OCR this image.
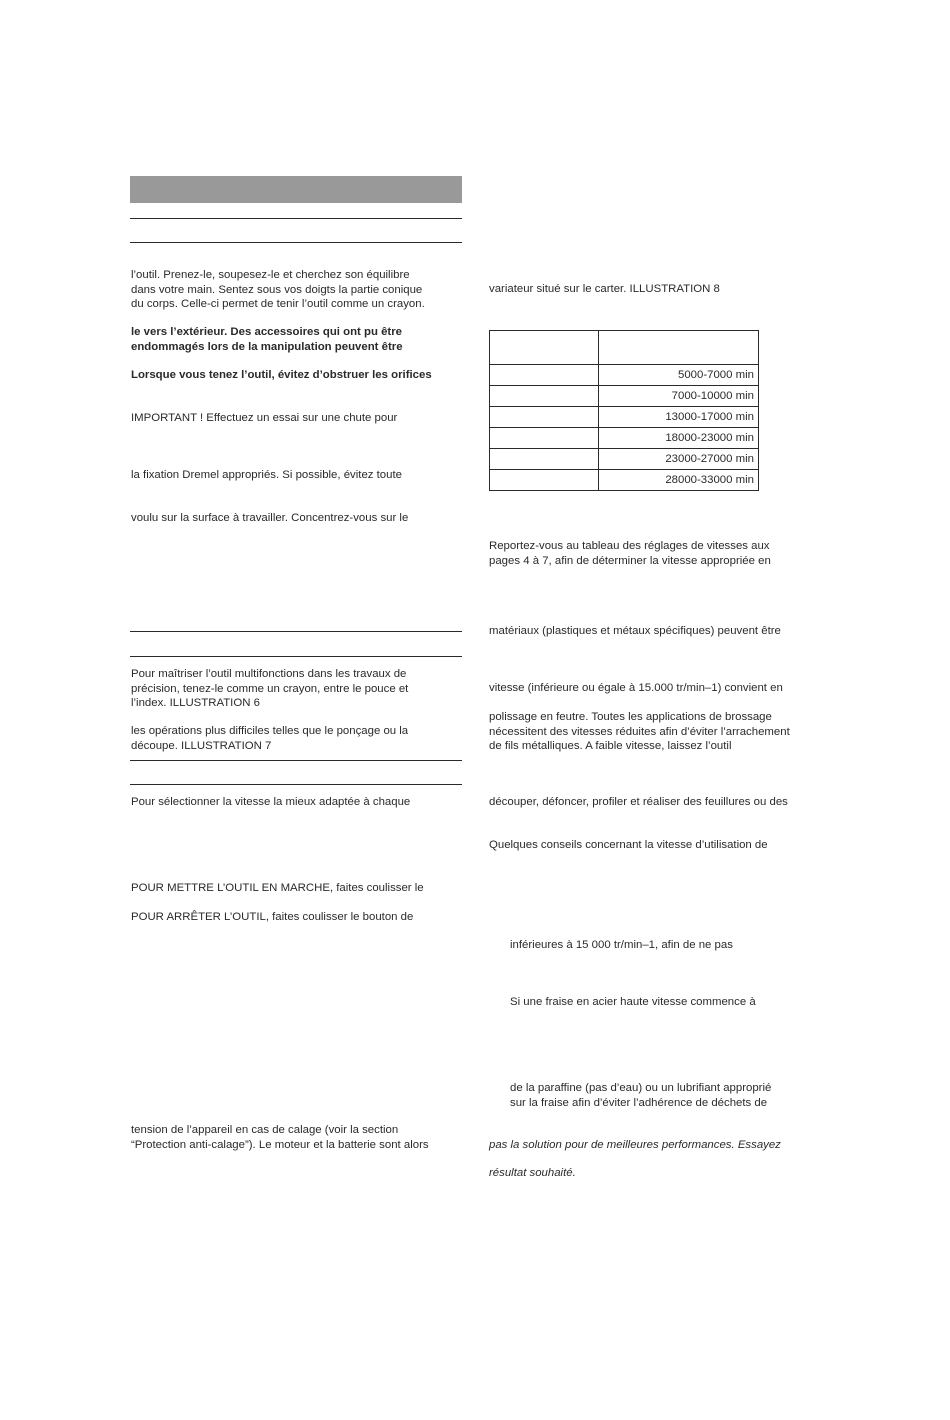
l’outil. Prenez-le, soupesez-le et cherchez son équilibre
dans votre main. Sentez sous vos doigts la partie conique
du corps. Celle-ci permet de tenir l’outil comme un crayon.
le vers l’extérieur. Des accessoires qui ont pu être
endommagés lors de la manipulation peuvent être
Lorsque vous tenez l’outil, évitez d’obstruer les orifices
IMPORTANT ! Effectuez un essai sur une chute pour
la fixation Dremel appropriés. Si possible, évitez toute
voulu sur la surface à travailler. Concentrez-vous sur le
Pour maîtriser l’outil multifonctions dans les travaux de
précision, tenez-le comme un crayon, entre le pouce et
l’index. ILLUSTRATION 6
les opérations plus difficiles telles que le ponçage ou la
découpe. ILLUSTRATION 7
Pour sélectionner la vitesse la mieux adaptée à chaque
POUR METTRE L’OUTIL EN MARCHE, faites coulisser le
POUR ARRÊTER L’OUTIL, faites coulisser le bouton de
tension de l’appareil en cas de calage (voir la section
“Protection anti-calage”). Le moteur et la batterie sont alors
variateur situé sur le carter. ILLUSTRATION 8

	5000-7000 min
	7000-10000 min
	13000-17000 min
	18000-23000 min
	23000-27000 min
	28000-33000 min
Reportez-vous au tableau des réglages de vitesses aux
pages 4 à 7, afin de déterminer la vitesse appropriée en
matériaux (plastiques et métaux spécifiques) peuvent être
vitesse (inférieure ou égale à 15.000 tr/min–1) convient en
polissage en feutre. Toutes les applications de brossage
nécessitent des vitesses réduites afin d’éviter l’arrachement
de fils métalliques. A faible vitesse, laissez l’outil
découper, défoncer, profiler et réaliser des feuillures ou des
Quelques conseils concernant la vitesse d’utilisation de
inférieures à 15 000 tr/min–1, afin de ne pas
Si une fraise en acier haute vitesse commence à
de la paraffine (pas d’eau) ou un lubrifiant approprié
sur la fraise afin d’éviter l’adhérence de déchets de
pas la solution pour de meilleures performances. Essayez
résultat souhaité.
